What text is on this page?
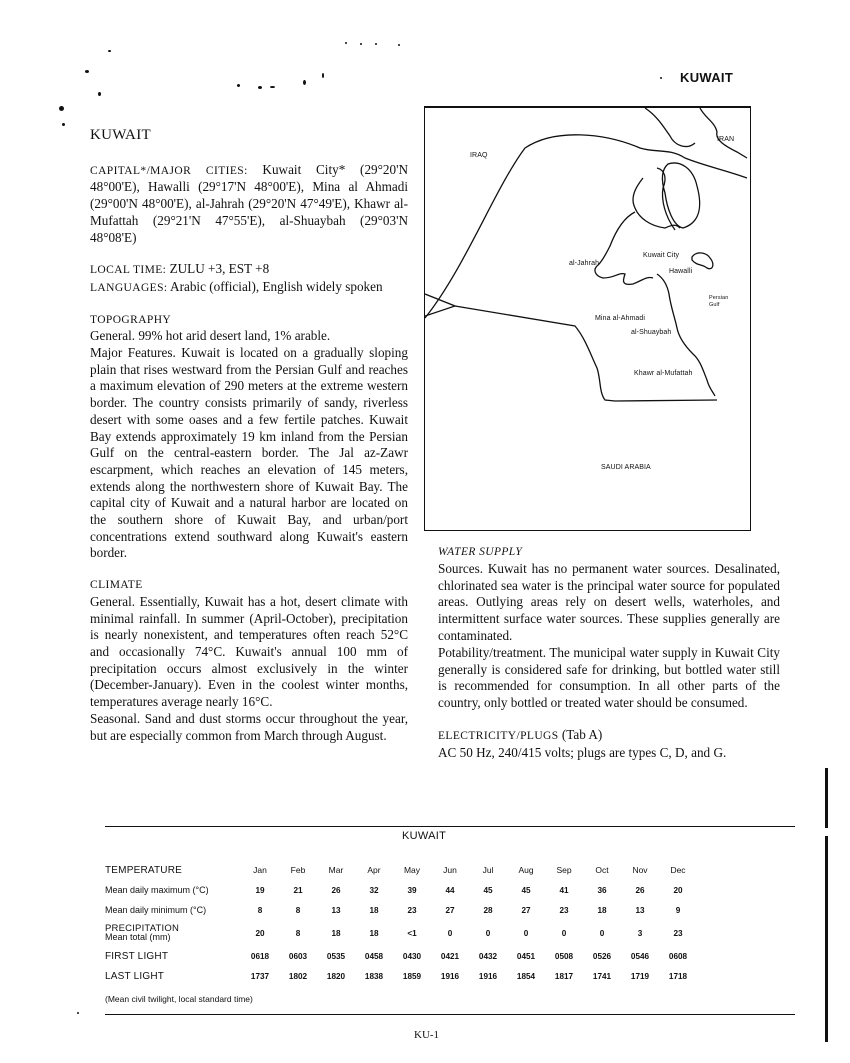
KUWAIT
KUWAIT

CAPITAL*/MAJOR CITIES: Kuwait City* (29°20'N 48°00'E), Hawalli (29°17'N 48°00'E), Mina al Ahmadi (29°00'N 48°00'E), al-Jahrah (29°20'N 47°49'E), Khawr al-Mufattah (29°21'N 47°55'E), al-Shuaybah (29°03'N 48°08'E)

LOCAL TIME: ZULU +3, EST +8

LANGUAGES: Arabic (official), English widely spoken

TOPOGRAPHY

General. 99% hot arid desert land, 1% arable.

Major Features. Kuwait is located on a gradually sloping plain that rises westward from the Persian Gulf and reaches a maximum elevation of 290 meters at the extreme western border. The country consists primarily of sandy, riverless desert with some oases and a few fertile patches. Kuwait Bay extends approximately 19 km inland from the Persian Gulf on the central-eastern border. The Jal az-Zawr escarpment, which reaches an elevation of 145 meters, extends along the northwestern shore of Kuwait Bay. The capital city of Kuwait and a natural harbor are located on the southern shore of Kuwait Bay, and urban/port concentrations extend southward along Kuwait's eastern border.

CLIMATE

General. Essentially, Kuwait has a hot, desert climate with minimal rainfall. In summer (April-October), precipitation is nearly nonexistent, and temperatures often reach 52°C and occasionally 74°C. Kuwait's annual 100 mm of precipitation occurs almost exclusively in the winter (December-January). Even in the coolest winter months, temperatures average nearly 16°C.

Seasonal. Sand and dust storms occur throughout the year, but are especially common from March through August.

IRAQ
IRAN
al-Jahrah
Kuwait City
Hawalli
Persian Gulf
Mina al-Ahmadi
al-Shuaybah
Khawr al-Mufattah
SAUDI ARABIA
WATER SUPPLY

Sources. Kuwait has no permanent water sources. Desalinated, chlorinated sea water is the principal water source for populated areas. Outlying areas rely on desert wells, waterholes, and intermittent surface water sources. These supplies generally are contaminated.

Potability/treatment. The municipal water supply in Kuwait City generally is considered safe for drinking, but bottled water still is recommended for consumption. In all other parts of the country, only bottled or treated water should be consumed.

ELECTRICITY/PLUGS (Tab A)

AC 50 Hz, 240/415 volts; plugs are types C, D, and G.

KUWAIT
TEMPERATURE	Jan	Feb	Mar	Apr	May	Jun	Jul	Aug	Sep	Oct	Nov	Dec
Mean daily maximum (°C)	19	21	26	32	39	44	45	45	41	36	26	20
Mean daily minimum (°C)	8	8	13	18	23	27	28	27	23	18	13	9

PRECIPITATION
Mean total (mm)	20	8	18	18	<1	0	0	0	0	0	3	23
FIRST LIGHT	0618	0603	0535	0458	0430	0421	0432	0451	0508	0526	0546	0608
LAST LIGHT	1737	1802	1820	1838	1859	1916	1916	1854	1817	1741	1719	1718
(Mean civil twilight, local standard time)
KU-1
